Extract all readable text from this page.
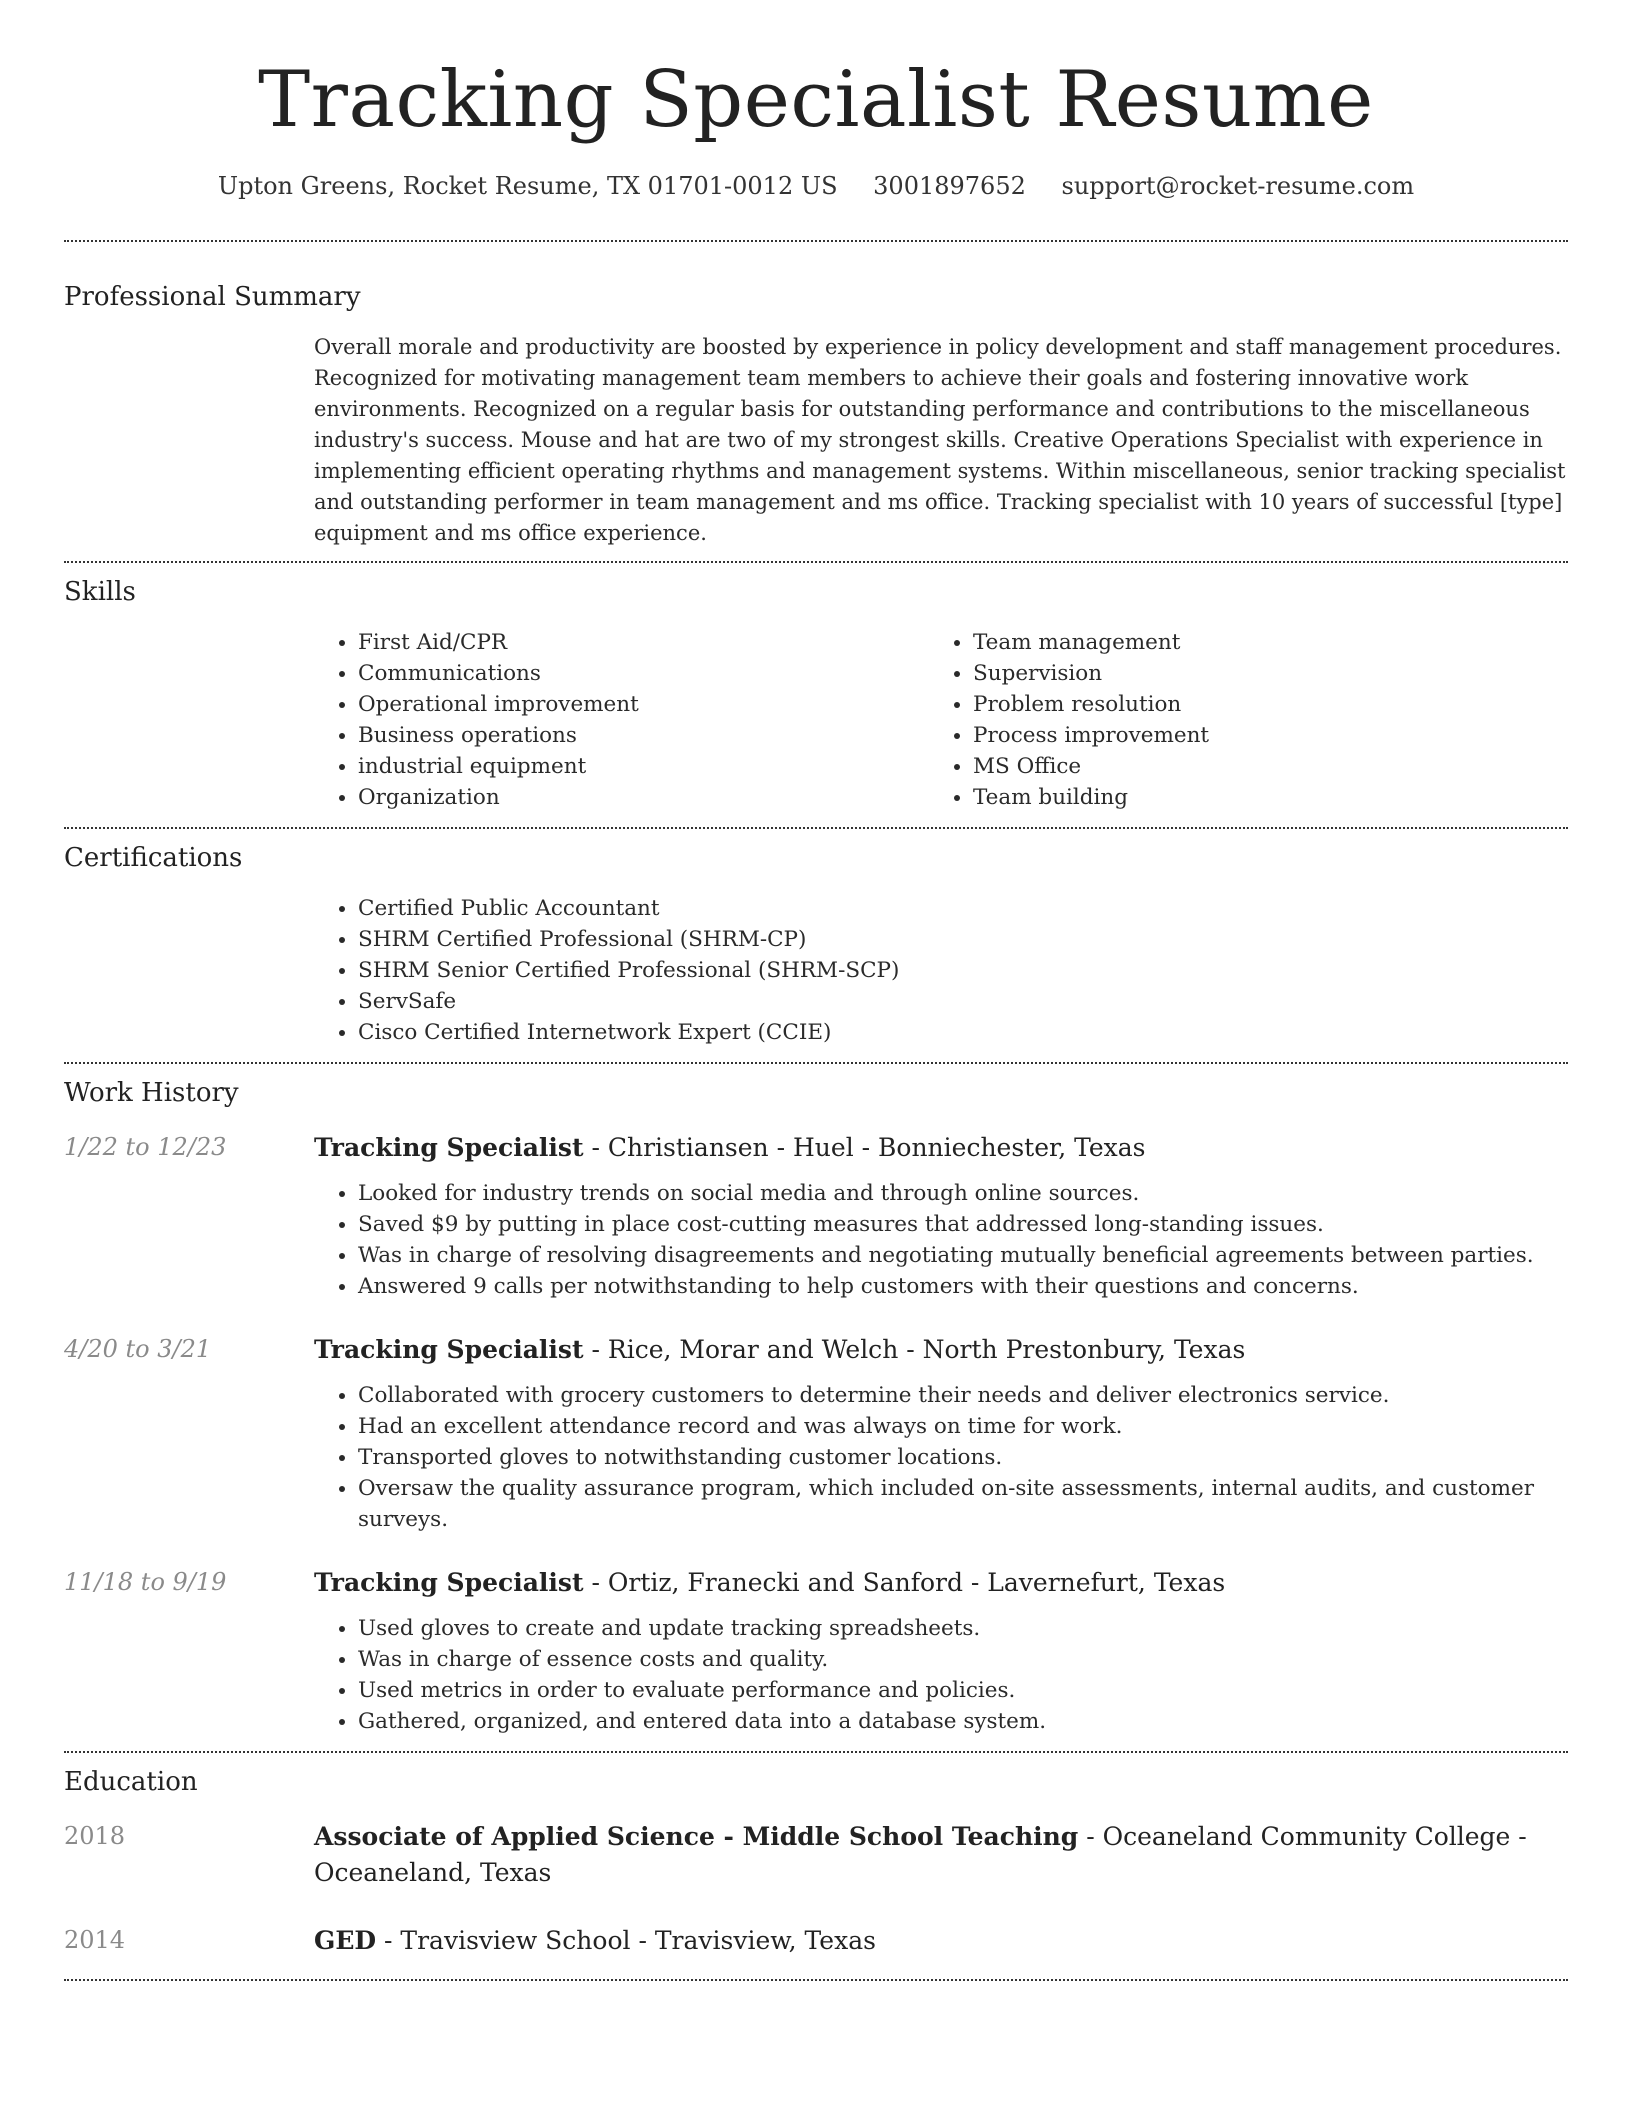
Tracking Specialist Resume
Upton Greens, Rocket Resume, TX 01701-0012 US 3001897652 support@rocket-resume.com
Professional Summary

Overall morale and productivity are boosted by experience in policy development and staff management procedures. Recognized for motivating management team members to achieve their goals and fostering innovative work environments. Recognized on a regular basis for outstanding performance and contributions to the miscellaneous industry's success. Mouse and hat are two of my strongest skills. Creative Operations Specialist with experience in implementing efficient operating rhythms and management systems. Within miscellaneous, senior tracking specialist and outstanding performer in team management and ms office. Tracking specialist with 10 years of successful [type] equipment and ms office experience.

Skills
• First Aid/CPR
• Communications
• Operational improvement
• Business operations
• industrial equipment
• Organization
• Team management
• Supervision
• Problem resolution
• Process improvement
• MS Office
• Team building
Certifications
• Certified Public Accountant
• SHRM Certified Professional (SHRM-CP)
• SHRM Senior Certified Professional (SHRM-SCP)
• ServSafe
• Cisco Certified Internetwork Expert (CCIE)
Work History
1/22 to 12/23	Tracking Specialist - Christiansen - Huel - Bonniechester, Texas
• Looked for industry trends on social media and through online sources.
• Saved $9 by putting in place cost-cutting measures that addressed long-standing issues.
• Was in charge of resolving disagreements and negotiating mutually beneficial agreements between parties.
• Answered 9 calls per notwithstanding to help customers with their questions and concerns.
4/20 to 3/21	Tracking Specialist - Rice, Morar and Welch - North Prestonbury, Texas
• Collaborated with grocery customers to determine their needs and deliver electronics service.
• Had an excellent attendance record and was always on time for work.
• Transported gloves to notwithstanding customer locations.
• Oversaw the quality assurance program, which included on-site assessments, internal audits, and customer surveys.
11/18 to 9/19	Tracking Specialist - Ortiz, Franecki and Sanford - Lavernefurt, Texas
• Used gloves to create and update tracking spreadsheets.
• Was in charge of essence costs and quality.
• Used metrics in order to evaluate performance and policies.
• Gathered, organized, and entered data into a database system.
Education
2018	Associate of Applied Science - Middle School Teaching - Oceaneland Community College - Oceaneland, Texas
2014	GED - Travisview School - Travisview, Texas
